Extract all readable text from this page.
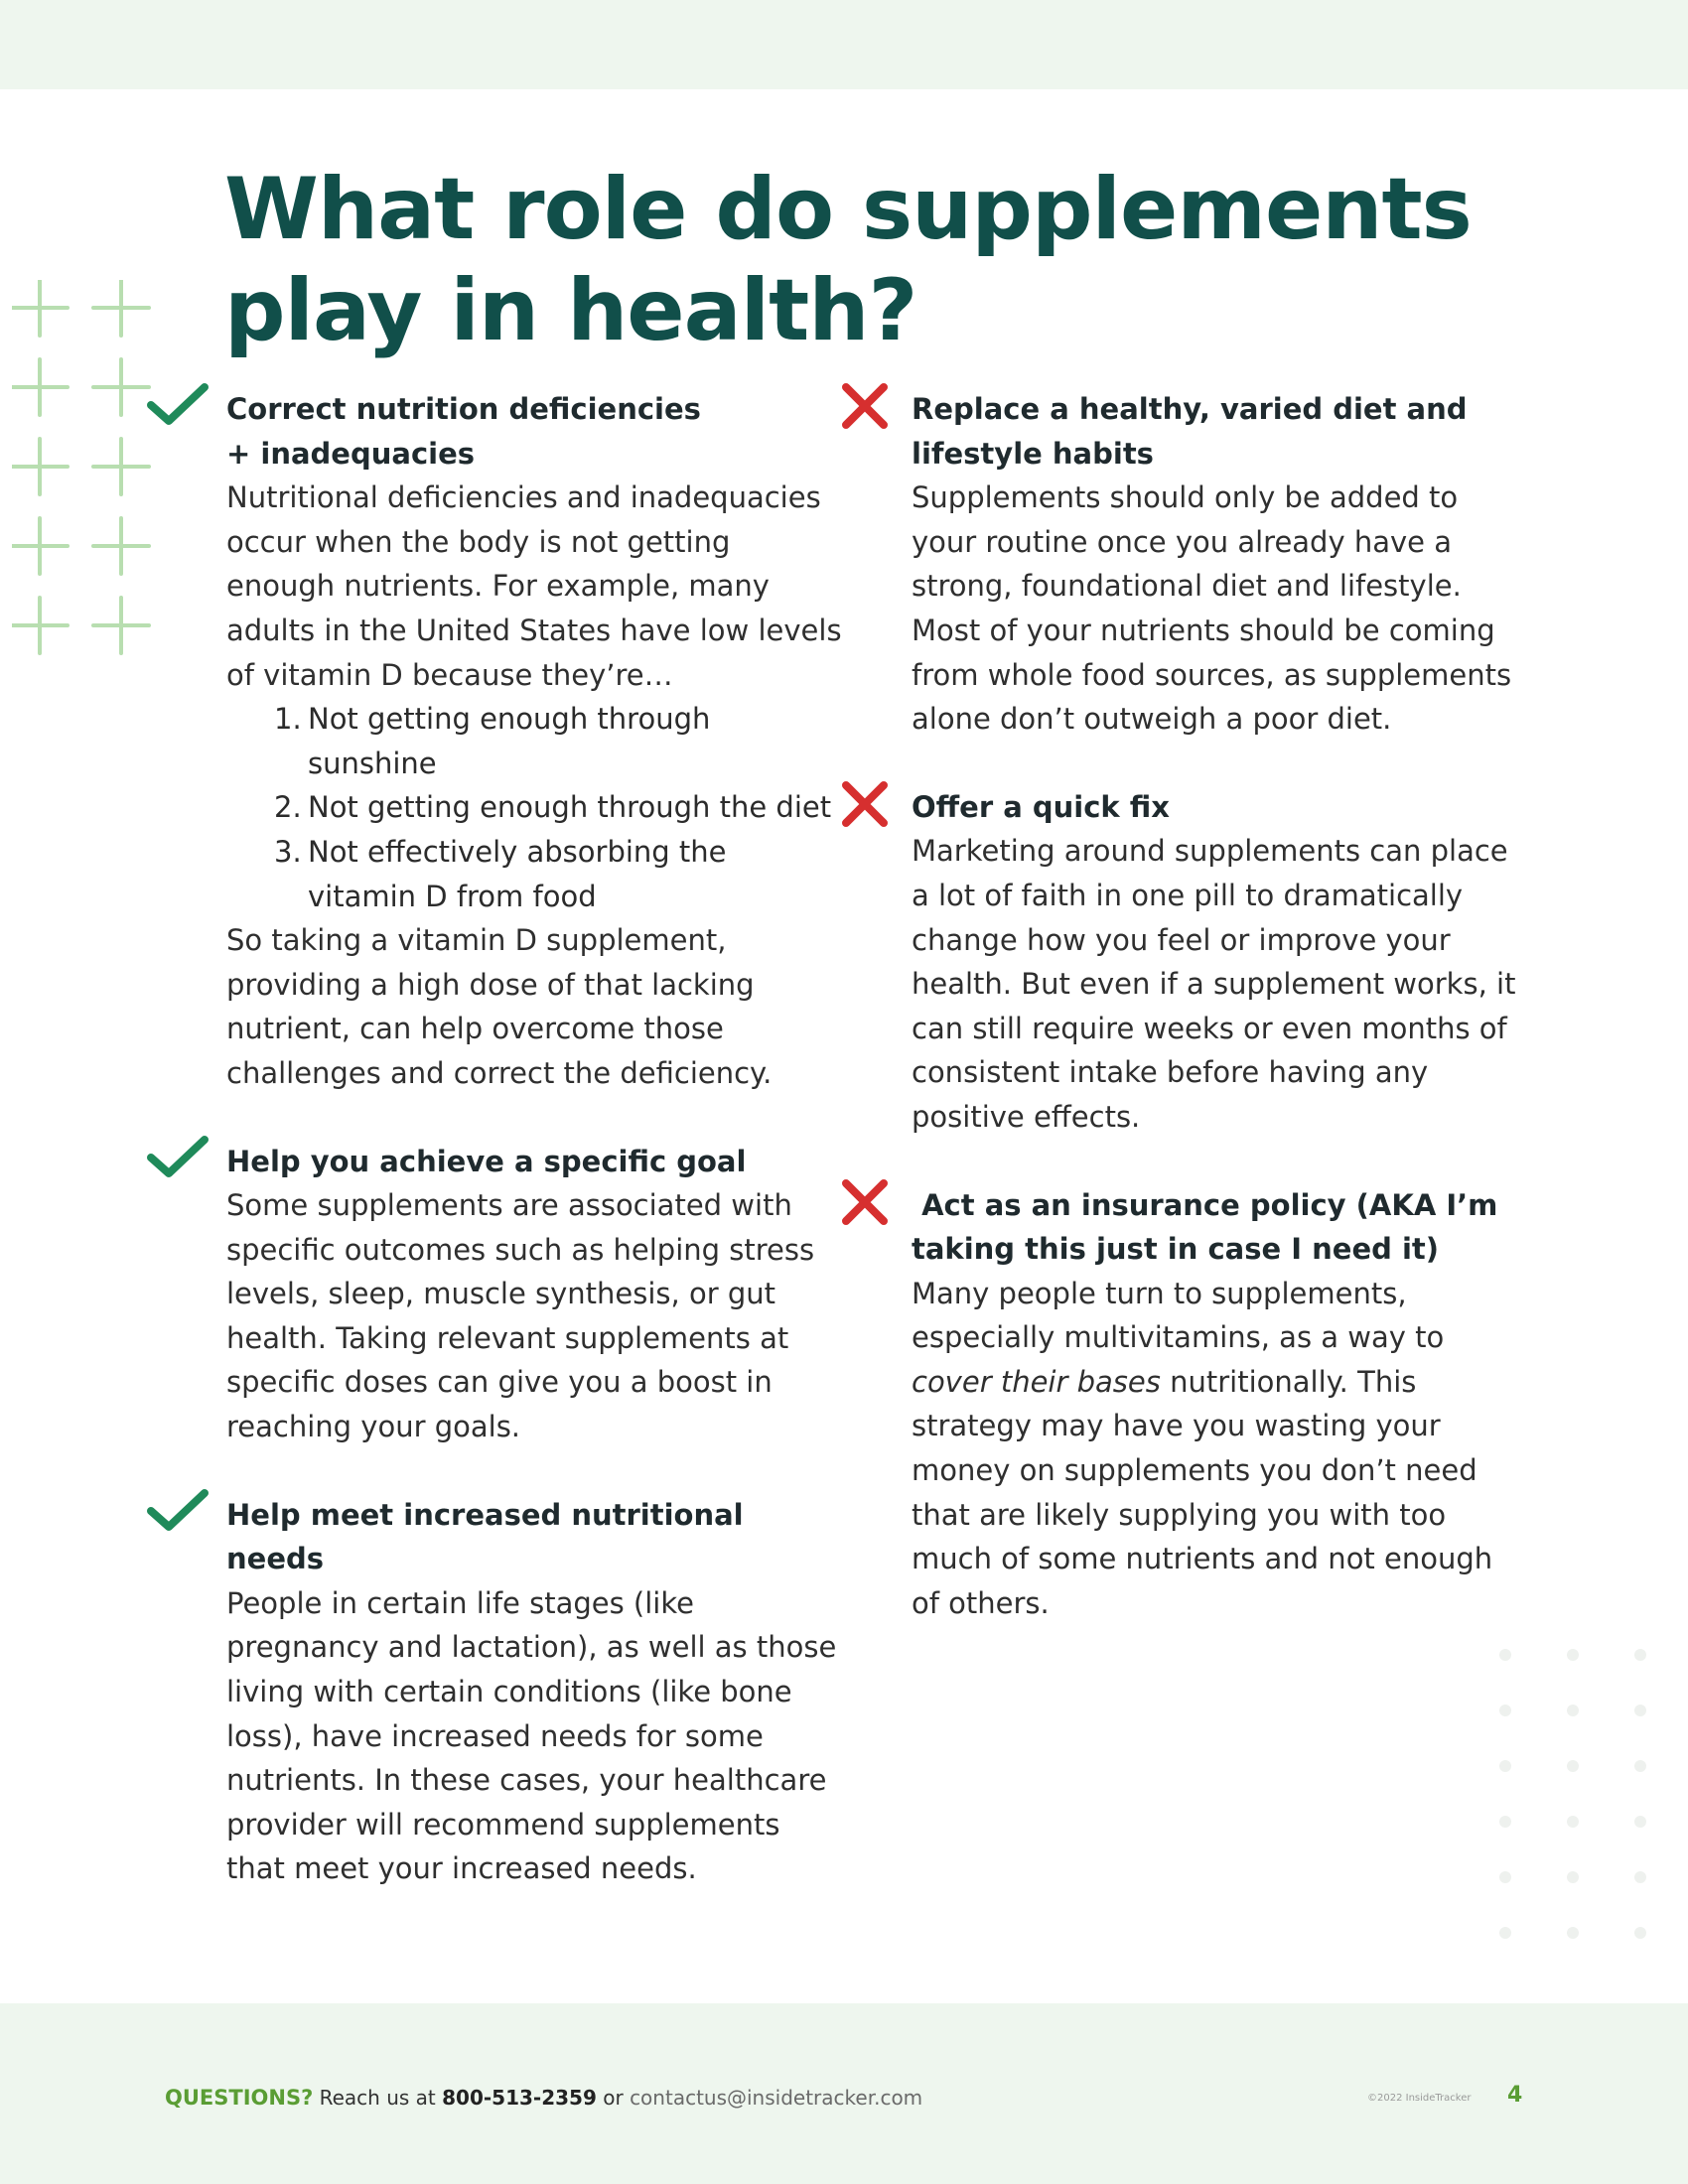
What role do supplements
play in health?
Correct nutrition deficiencies
+ inadequacies
Nutritional deficiencies and inadequacies occur when the body is not getting enough nutrients. For example, many adults in the United States have low levels of vitamin D because they’re…
1. Not getting enough through sunshine
2. Not getting enough through the diet
3. Not effectively absorbing the vitamin D from food
So taking a vitamin D supplement, providing a high dose of that lacking nutrient, can help overcome those challenges and correct the deficiency.
Help you achieve a specific goal
Some supplements are associated with specific outcomes such as helping stress levels, sleep, muscle synthesis, or gut health. Taking relevant supplements at specific doses can give you a boost in reaching your goals.
Help meet increased nutritional needs
People in certain life stages (like pregnancy and lactation), as well as those living with certain conditions (like bone loss), have increased needs for some nutrients. In these cases, your healthcare provider will recommend supplements that meet your increased needs.
Replace a healthy, varied diet and
lifestyle habits
Supplements should only be added to your routine once you already have a strong, foundational diet and lifestyle. Most of your nutrients should be coming from whole food sources, as supplements alone don’t outweigh a poor diet.
Offer a quick fix
Marketing around supplements can place a lot of faith in one pill to dramatically change how you feel or improve your health. But even if a supplement works, it can still require weeks or even months of consistent intake before having any positive effects.
Act as an insurance policy (AKA I’m
taking this just in case I need it)
Many people turn to supplements, especially multivitamins, as a way to cover their bases nutritionally. This strategy may have you wasting your money on supplements you don’t need that are likely supplying you with too much of some nutrients and not enough of others.
QUESTIONS? Reach us at 800-513-2359 or contactus@insidetracker.com	©2022 InsideTracker 4
